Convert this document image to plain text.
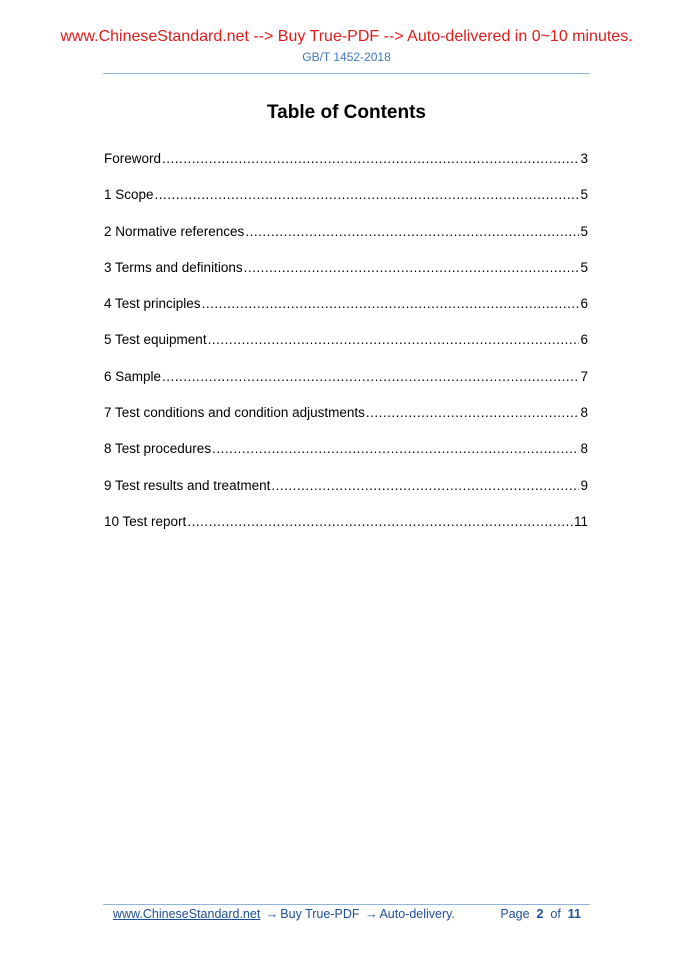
www.ChineseStandard.net --> Buy True-PDF --> Auto-delivered in 0~10 minutes.
GB/T 1452-2018
Table of Contents
Foreword .....	3
1 Scope .....	5
2 Normative references .....	5
3 Terms and definitions .....	5
4 Test principles .....	6
5 Test equipment .....	6
6 Sample .....	7
7 Test conditions and condition adjustments .....	8
8 Test procedures .....	8
9 Test results and treatment .....	9
10 Test report .....	11
www.ChineseStandard.net → Buy True-PDF → Auto-delivery.	Page 2 of 11
